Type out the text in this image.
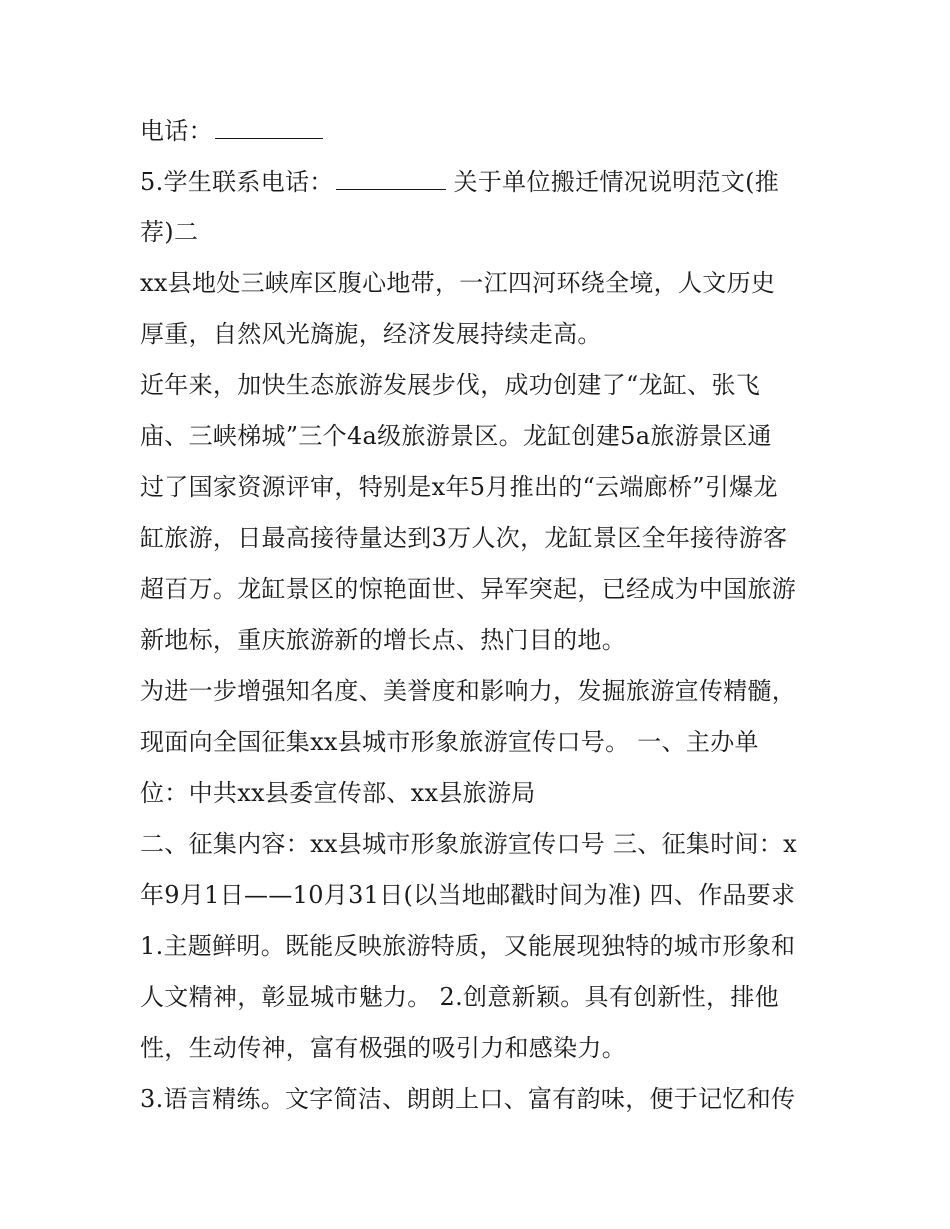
电话：
5.学生联系电话：	关于单位搬迁情况说明范文(推
荐)二
xx县地处三峡库区腹心地带，一江四河环绕全境，人文历史
厚重，自然风光旖旎，经济发展持续走高。
近年来，加快生态旅游发展步伐，成功创建了“龙缸、张飞
庙、三峡梯城”三个4a级旅游景区。龙缸创建5a旅游景区通
过了国家资源评审，特别是x年5月推出的“云端廊桥”引爆龙
缸旅游，日最高接待量达到3万人次，龙缸景区全年接待游客
超百万。龙缸景区的惊艳面世、异军突起，已经成为中国旅游
新地标，重庆旅游新的增长点、热门目的地。
为进一步增强知名度、美誉度和影响力，发掘旅游宣传精髓，
现面向全国征集xx县城市形象旅游宣传口号。 一、主办单
位：中共xx县委宣传部、xx县旅游局
二、征集内容：xx县城市形象旅游宣传口号 三、征集时间：x
年9月1日——10月31日(以当地邮戳时间为准) 四、作品要求
1.主题鲜明。既能反映旅游特质，又能展现独特的城市形象和
人文精神，彰显城市魅力。 2.创意新颖。具有创新性，排他
性，生动传神，富有极强的吸引力和感染力。
3.语言精练。文字简洁、朗朗上口、富有韵味，便于记忆和传
